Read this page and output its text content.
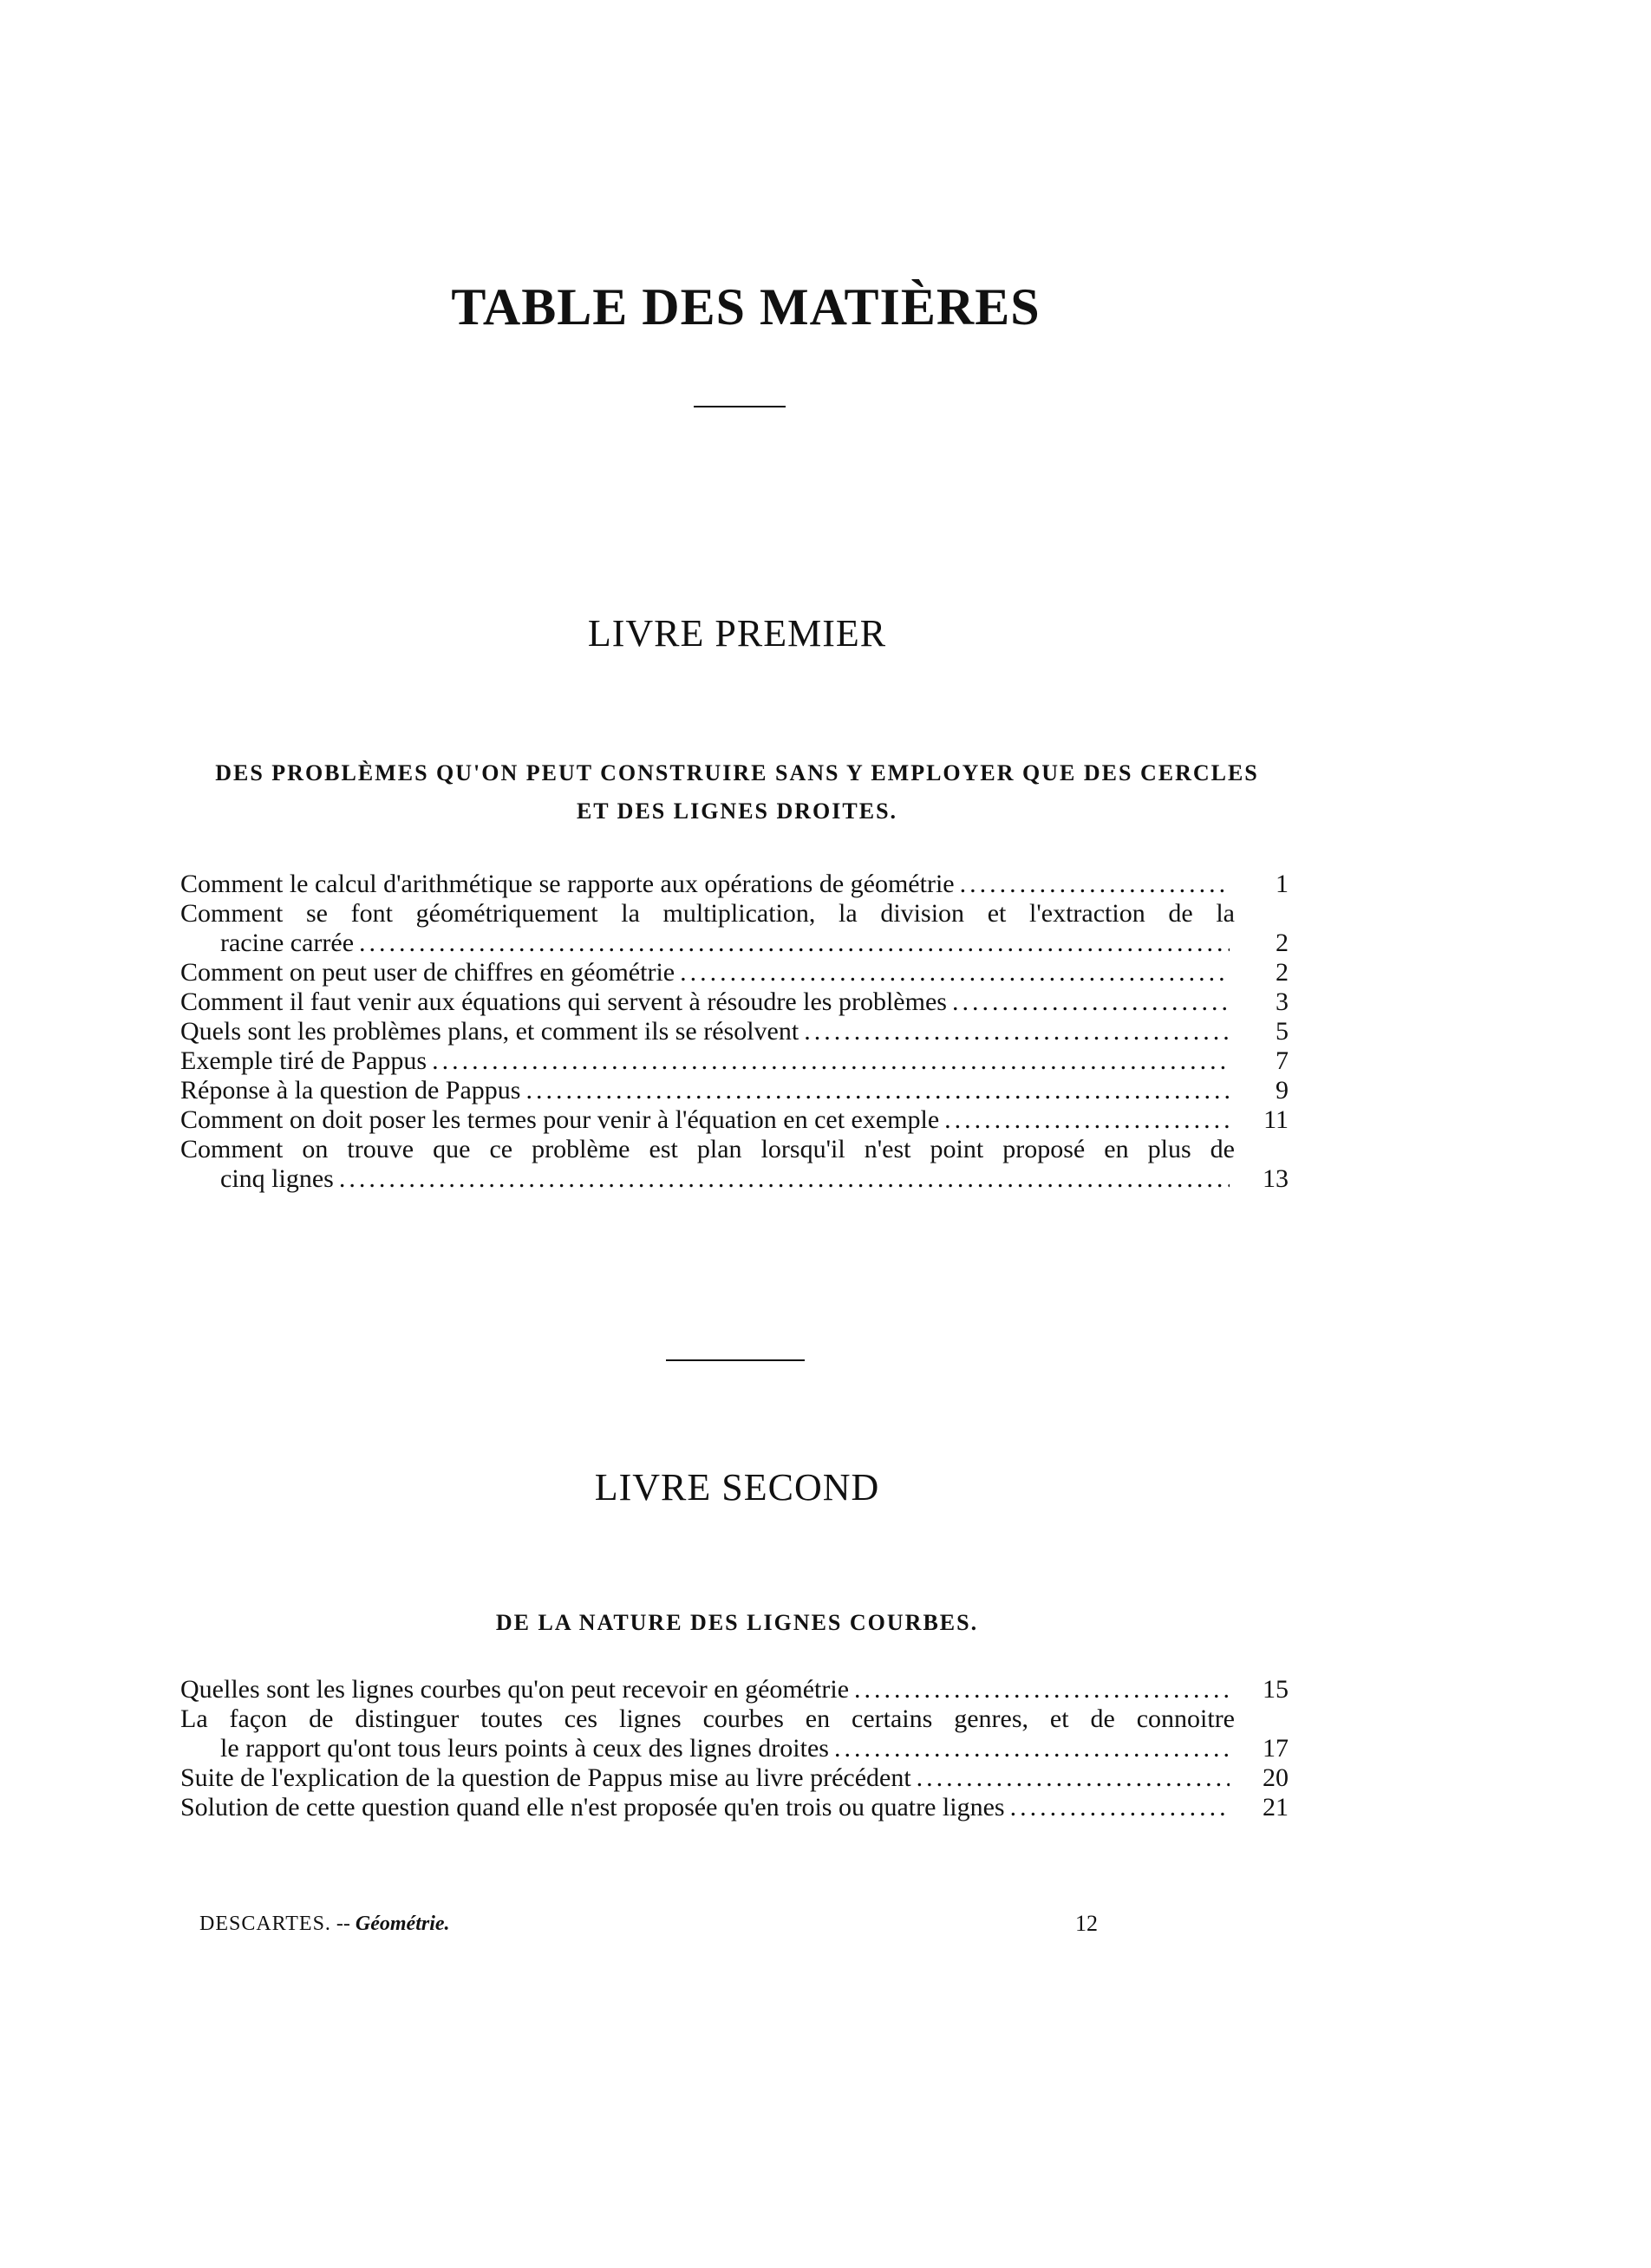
TABLE DES MATIÈRES
LIVRE PREMIER
DES PROBLÈMES QU'ON PEUT CONSTRUIRE SANS Y EMPLOYER QUE DES CERCLES
ET DES LIGNES DROITES.
Comment le calcul d'arithmétique se rapporte aux opérations de géométrie .....	1
Comment se font géométriquement la multiplication, la division et l'extraction de la
racine carrée .....	2
Comment on peut user de chiffres en géométrie .....	2
Comment il faut venir aux équations qui servent à résoudre les problèmes .....	3
Quels sont les problèmes plans, et comment ils se résolvent .....	5
Exemple tiré de Pappus .....	7
Réponse à la question de Pappus .....	9
Comment on doit poser les termes pour venir à l'équation en cet exemple .....	11
Comment on trouve que ce problème est plan lorsqu'il n'est point proposé en plus de
cinq lignes .....	13
LIVRE SECOND
DE LA NATURE DES LIGNES COURBES.
Quelles sont les lignes courbes qu'on peut recevoir en géométrie .....	15
La façon de distinguer toutes ces lignes courbes en certains genres, et de connoitre
le rapport qu'ont tous leurs points à ceux des lignes droites .....	17
Suite de l'explication de la question de Pappus mise au livre précédent .....	20
Solution de cette question quand elle n'est proposée qu'en trois ou quatre lignes .....	21
DESCARTES. -- Géométrie.	12
